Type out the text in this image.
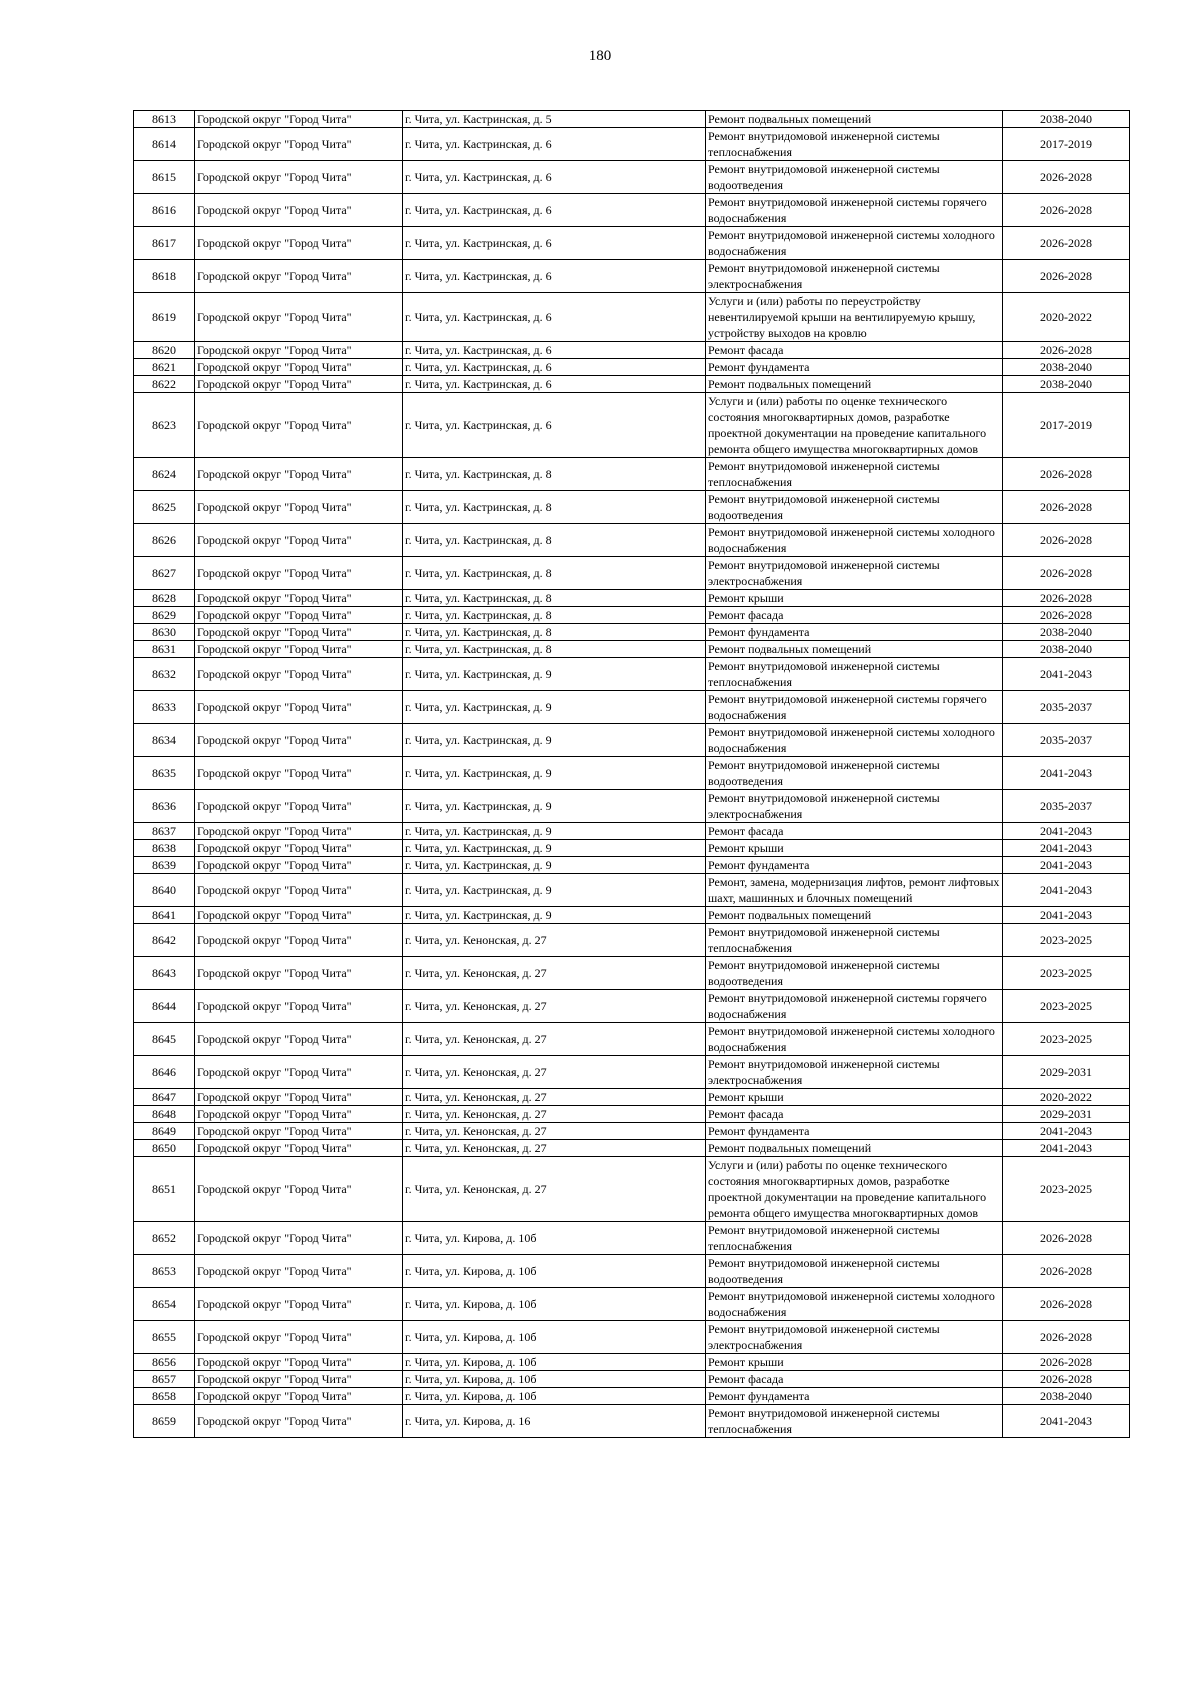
180
8613	Городской округ "Город Чита"	г. Чита, ул. Кастринская, д. 5	Ремонт подвальных помещений	2038-2040
8614	Городской округ "Город Чита"	г. Чита, ул. Кастринская, д. 6	Ремонт внутридомовой инженерной системы теплоснабжения	2017-2019
8615	Городской округ "Город Чита"	г. Чита, ул. Кастринская, д. 6	Ремонт внутридомовой инженерной системы водоотведения	2026-2028
8616	Городской округ "Город Чита"	г. Чита, ул. Кастринская, д. 6	Ремонт внутридомовой инженерной системы горячего водоснабжения	2026-2028
8617	Городской округ "Город Чита"	г. Чита, ул. Кастринская, д. 6	Ремонт внутридомовой инженерной системы холодного водоснабжения	2026-2028
8618	Городской округ "Город Чита"	г. Чита, ул. Кастринская, д. 6	Ремонт внутридомовой инженерной системы электроснабжения	2026-2028
8619	Городской округ "Город Чита"	г. Чита, ул. Кастринская, д. 6	Услуги и (или) работы по переустройству невентилируемой крыши на вентилируемую крышу, устройству выходов на кровлю	2020-2022
8620	Городской округ "Город Чита"	г. Чита, ул. Кастринская, д. 6	Ремонт фасада	2026-2028
8621	Городской округ "Город Чита"	г. Чита, ул. Кастринская, д. 6	Ремонт фундамента	2038-2040
8622	Городской округ "Город Чита"	г. Чита, ул. Кастринская, д. 6	Ремонт подвальных помещений	2038-2040
8623	Городской округ "Город Чита"	г. Чита, ул. Кастринская, д. 6	Услуги и (или) работы по оценке технического состояния многоквартирных домов, разработке проектной документации на проведение капитального ремонта общего имущества многоквартирных домов	2017-2019
8624	Городской округ "Город Чита"	г. Чита, ул. Кастринская, д. 8	Ремонт внутридомовой инженерной системы теплоснабжения	2026-2028
8625	Городской округ "Город Чита"	г. Чита, ул. Кастринская, д. 8	Ремонт внутридомовой инженерной системы водоотведения	2026-2028
8626	Городской округ "Город Чита"	г. Чита, ул. Кастринская, д. 8	Ремонт внутридомовой инженерной системы холодного водоснабжения	2026-2028
8627	Городской округ "Город Чита"	г. Чита, ул. Кастринская, д. 8	Ремонт внутридомовой инженерной системы электроснабжения	2026-2028
8628	Городской округ "Город Чита"	г. Чита, ул. Кастринская, д. 8	Ремонт крыши	2026-2028
8629	Городской округ "Город Чита"	г. Чита, ул. Кастринская, д. 8	Ремонт фасада	2026-2028
8630	Городской округ "Город Чита"	г. Чита, ул. Кастринская, д. 8	Ремонт фундамента	2038-2040
8631	Городской округ "Город Чита"	г. Чита, ул. Кастринская, д. 8	Ремонт подвальных помещений	2038-2040
8632	Городской округ "Город Чита"	г. Чита, ул. Кастринская, д. 9	Ремонт внутридомовой инженерной системы теплоснабжения	2041-2043
8633	Городской округ "Город Чита"	г. Чита, ул. Кастринская, д. 9	Ремонт внутридомовой инженерной системы горячего водоснабжения	2035-2037
8634	Городской округ "Город Чита"	г. Чита, ул. Кастринская, д. 9	Ремонт внутридомовой инженерной системы холодного водоснабжения	2035-2037
8635	Городской округ "Город Чита"	г. Чита, ул. Кастринская, д. 9	Ремонт внутридомовой инженерной системы водоотведения	2041-2043
8636	Городской округ "Город Чита"	г. Чита, ул. Кастринская, д. 9	Ремонт внутридомовой инженерной системы электроснабжения	2035-2037
8637	Городской округ "Город Чита"	г. Чита, ул. Кастринская, д. 9	Ремонт фасада	2041-2043
8638	Городской округ "Город Чита"	г. Чита, ул. Кастринская, д. 9	Ремонт крыши	2041-2043
8639	Городской округ "Город Чита"	г. Чита, ул. Кастринская, д. 9	Ремонт фундамента	2041-2043
8640	Городской округ "Город Чита"	г. Чита, ул. Кастринская, д. 9	Ремонт, замена, модернизация лифтов, ремонт лифтовых шахт, машинных и блочных помещений	2041-2043
8641	Городской округ "Город Чита"	г. Чита, ул. Кастринская, д. 9	Ремонт подвальных помещений	2041-2043
8642	Городской округ "Город Чита"	г. Чита, ул. Кенонская, д. 27	Ремонт внутридомовой инженерной системы теплоснабжения	2023-2025
8643	Городской округ "Город Чита"	г. Чита, ул. Кенонская, д. 27	Ремонт внутридомовой инженерной системы водоотведения	2023-2025
8644	Городской округ "Город Чита"	г. Чита, ул. Кенонская, д. 27	Ремонт внутридомовой инженерной системы горячего водоснабжения	2023-2025
8645	Городской округ "Город Чита"	г. Чита, ул. Кенонская, д. 27	Ремонт внутридомовой инженерной системы холодного водоснабжения	2023-2025
8646	Городской округ "Город Чита"	г. Чита, ул. Кенонская, д. 27	Ремонт внутридомовой инженерной системы электроснабжения	2029-2031
8647	Городской округ "Город Чита"	г. Чита, ул. Кенонская, д. 27	Ремонт крыши	2020-2022
8648	Городской округ "Город Чита"	г. Чита, ул. Кенонская, д. 27	Ремонт фасада	2029-2031
8649	Городской округ "Город Чита"	г. Чита, ул. Кенонская, д. 27	Ремонт фундамента	2041-2043
8650	Городской округ "Город Чита"	г. Чита, ул. Кенонская, д. 27	Ремонт подвальных помещений	2041-2043
8651	Городской округ "Город Чита"	г. Чита, ул. Кенонская, д. 27	Услуги и (или) работы по оценке технического состояния многоквартирных домов, разработке проектной документации на проведение капитального ремонта общего имущества многоквартирных домов	2023-2025
8652	Городской округ "Город Чита"	г. Чита, ул. Кирова, д. 10б	Ремонт внутридомовой инженерной системы теплоснабжения	2026-2028
8653	Городской округ "Город Чита"	г. Чита, ул. Кирова, д. 10б	Ремонт внутридомовой инженерной системы водоотведения	2026-2028
8654	Городской округ "Город Чита"	г. Чита, ул. Кирова, д. 10б	Ремонт внутридомовой инженерной системы холодного водоснабжения	2026-2028
8655	Городской округ "Город Чита"	г. Чита, ул. Кирова, д. 10б	Ремонт внутридомовой инженерной системы электроснабжения	2026-2028
8656	Городской округ "Город Чита"	г. Чита, ул. Кирова, д. 10б	Ремонт крыши	2026-2028
8657	Городской округ "Город Чита"	г. Чита, ул. Кирова, д. 10б	Ремонт фасада	2026-2028
8658	Городской округ "Город Чита"	г. Чита, ул. Кирова, д. 10б	Ремонт фундамента	2038-2040
8659	Городской округ "Город Чита"	г. Чита, ул. Кирова, д. 16	Ремонт внутридомовой инженерной системы теплоснабжения	2041-2043
